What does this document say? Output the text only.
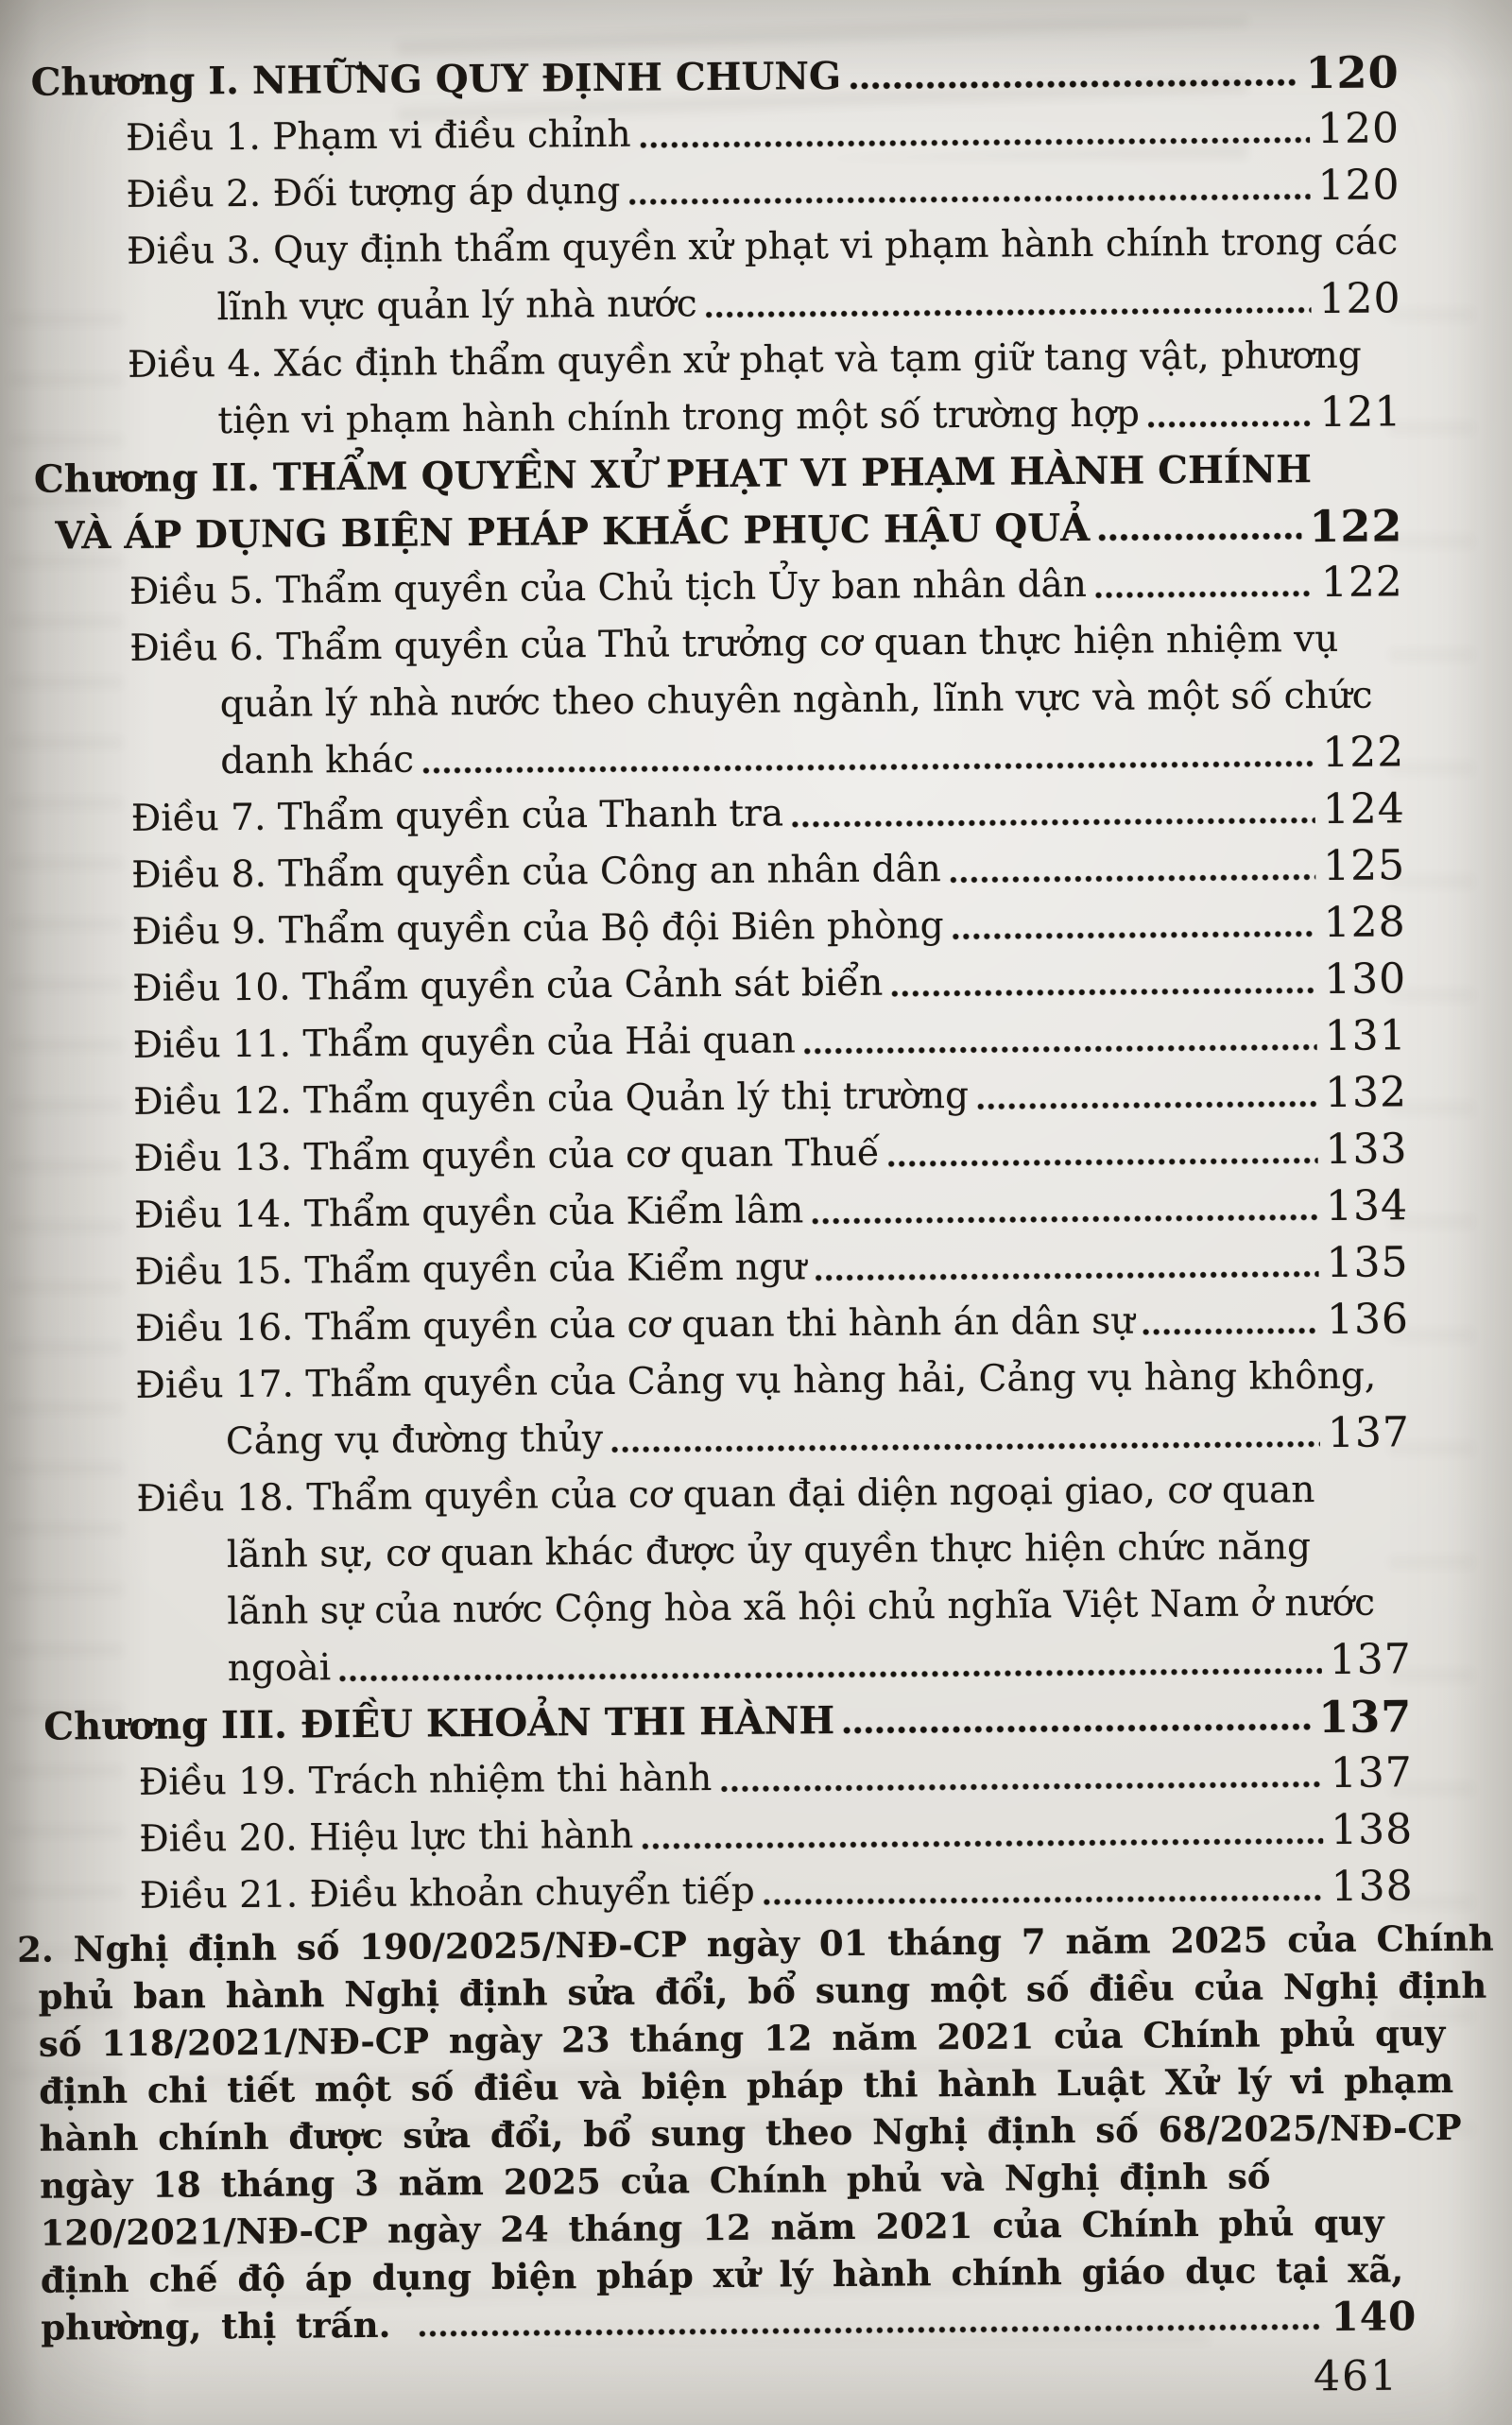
Chương I. NHỮNG QUY ĐỊNH CHUNG	120
Điều 1. Phạm vi điều chỉnh	120
Điều 2. Đối tượng áp dụng	120
Điều 3. Quy định thẩm quyền xử phạt vi phạm hành chính trong các
lĩnh vực quản lý nhà nước	120
Điều 4. Xác định thẩm quyền xử phạt và tạm giữ tang vật, phương
tiện vi phạm hành chính trong một số trường hợp	121
Chương II. THẨM QUYỀN XỬ PHẠT VI PHẠM HÀNH CHÍNH
VÀ ÁP DỤNG BIỆN PHÁP KHẮC PHỤC HẬU QUẢ	122
Điều 5. Thẩm quyền của Chủ tịch Ủy ban nhân dân	122
Điều 6. Thẩm quyền của Thủ trưởng cơ quan thực hiện nhiệm vụ
quản lý nhà nước theo chuyên ngành, lĩnh vực và một số chức
danh khác	122
Điều 7. Thẩm quyền của Thanh tra	124
Điều 8. Thẩm quyền của Công an nhân dân	125
Điều 9. Thẩm quyền của Bộ đội Biên phòng	128
Điều 10. Thẩm quyền của Cảnh sát biển	130
Điều 11. Thẩm quyền của Hải quan	131
Điều 12. Thẩm quyền của Quản lý thị trường	132
Điều 13. Thẩm quyền của cơ quan Thuế	133
Điều 14. Thẩm quyền của Kiểm lâm	134
Điều 15. Thẩm quyền của Kiểm ngư	135
Điều 16. Thẩm quyền của cơ quan thi hành án dân sự	136
Điều 17. Thẩm quyền của Cảng vụ hàng hải, Cảng vụ hàng không,
Cảng vụ đường thủy	137
Điều 18. Thẩm quyền của cơ quan đại diện ngoại giao, cơ quan
lãnh sự, cơ quan khác được ủy quyền thực hiện chức năng
lãnh sự của nước Cộng hòa xã hội chủ nghĩa Việt Nam ở nước
ngoài	137
Chương III. ĐIỀU KHOẢN THI HÀNH	137
Điều 19. Trách nhiệm thi hành	137
Điều 20. Hiệu lực thi hành	138
Điều 21. Điều khoản chuyển tiếp	138
2. Nghị định số 190/2025/NĐ-CP ngày 01 tháng 7 năm 2025 của Chính
phủ ban hành Nghị định sửa đổi, bổ sung một số điều của Nghị định
số 118/2021/NĐ-CP ngày 23 tháng 12 năm 2021 của Chính phủ quy
định chi tiết một số điều và biện pháp thi hành Luật Xử lý vi phạm
hành chính được sửa đổi, bổ sung theo Nghị định số 68/2025/NĐ-CP
ngày 18 tháng 3 năm 2025 của Chính phủ và Nghị định số
120/2021/NĐ-CP ngày 24 tháng 12 năm 2021 của Chính phủ quy
định chế độ áp dụng biện pháp xử lý hành chính giáo dục tại xã,
phường, thị trấn.	140
461
